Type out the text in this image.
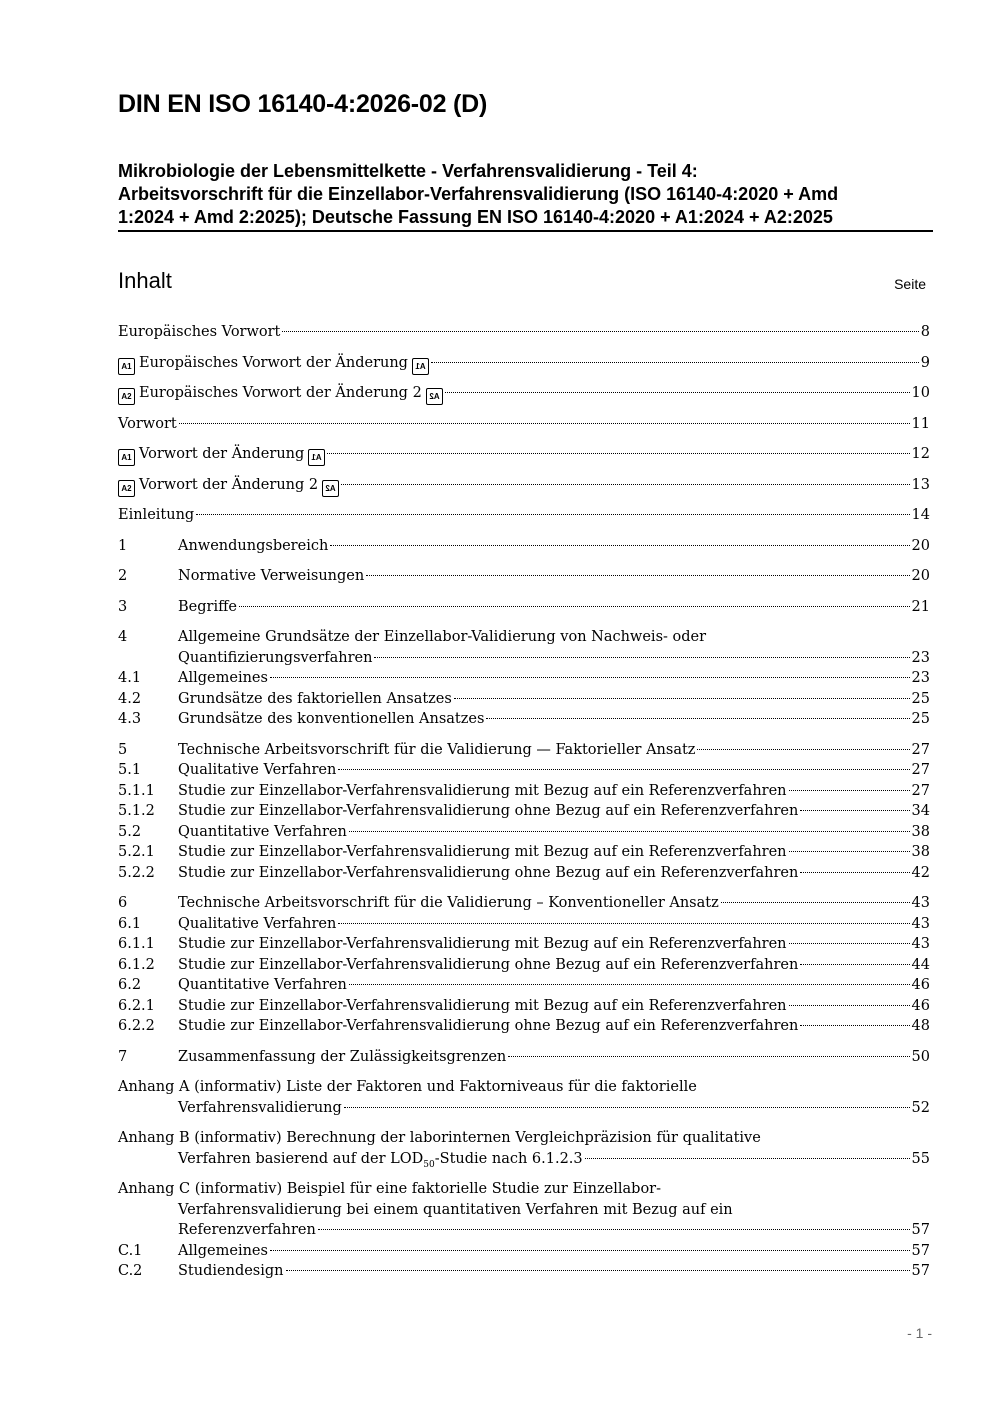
DIN EN ISO 16140-4:2026-02 (D)
Mikrobiologie der Lebensmittelkette - Verfahrensvalidierung - Teil 4:
Arbeitsvorschrift für die Einzellabor-Verfahrensvalidierung (ISO 16140-4:2020 + Amd
1:2024 + Amd 2:2025); Deutsche Fassung EN ISO 16140-4:2020 + A1:2024 + A2:2025
Inhalt	Seite
Europäisches Vorwort	8
A1 Europäisches Vorwort der Änderung A1	9
A2 Europäisches Vorwort der Änderung 2 A2	10
Vorwort	11
A1 Vorwort der Änderung A1	12
A2 Vorwort der Änderung 2 A2	13
Einleitung	14
1	Anwendungsbereich	20
2	Normative Verweisungen	20
3	Begriffe	21
4	Allgemeine Grundsätze der Einzellabor-Validierung von Nachweis- oder
Quantifizierungsverfahren	23
4.1	Allgemeines	23
4.2	Grundsätze des faktoriellen Ansatzes	25
4.3	Grundsätze des konventionellen Ansatzes	25
5	Technische Arbeitsvorschrift für die Validierung — Faktorieller Ansatz	27
5.1	Qualitative Verfahren	27
5.1.1	Studie zur Einzellabor-Verfahrensvalidierung mit Bezug auf ein Referenzverfahren	27
5.1.2	Studie zur Einzellabor-Verfahrensvalidierung ohne Bezug auf ein Referenzverfahren	34
5.2	Quantitative Verfahren	38
5.2.1	Studie zur Einzellabor-Verfahrensvalidierung mit Bezug auf ein Referenzverfahren	38
5.2.2	Studie zur Einzellabor-Verfahrensvalidierung ohne Bezug auf ein Referenzverfahren	42
6	Technische Arbeitsvorschrift für die Validierung – Konventioneller Ansatz	43
6.1	Qualitative Verfahren	43
6.1.1	Studie zur Einzellabor-Verfahrensvalidierung mit Bezug auf ein Referenzverfahren	43
6.1.2	Studie zur Einzellabor-Verfahrensvalidierung ohne Bezug auf ein Referenzverfahren	44
6.2	Quantitative Verfahren	46
6.2.1	Studie zur Einzellabor-Verfahrensvalidierung mit Bezug auf ein Referenzverfahren	46
6.2.2	Studie zur Einzellabor-Verfahrensvalidierung ohne Bezug auf ein Referenzverfahren	48
7	Zusammenfassung der Zulässigkeitsgrenzen	50
Anhang A (informativ) Liste der Faktoren und Faktorniveaus für die faktorielle
Verfahrensvalidierung	52
Anhang B (informativ) Berechnung der laborinternen Vergleichpräzision für qualitative
Verfahren basierend auf der $LOD_{50}$-Studie nach 6.1.2.3	55
Anhang C (informativ) Beispiel für eine faktorielle Studie zur Einzellabor-
Verfahrensvalidierung bei einem quantitativen Verfahren mit Bezug auf ein
Referenzverfahren	57
C.1	Allgemeines	57
C.2	Studiendesign	57
- 1 -
